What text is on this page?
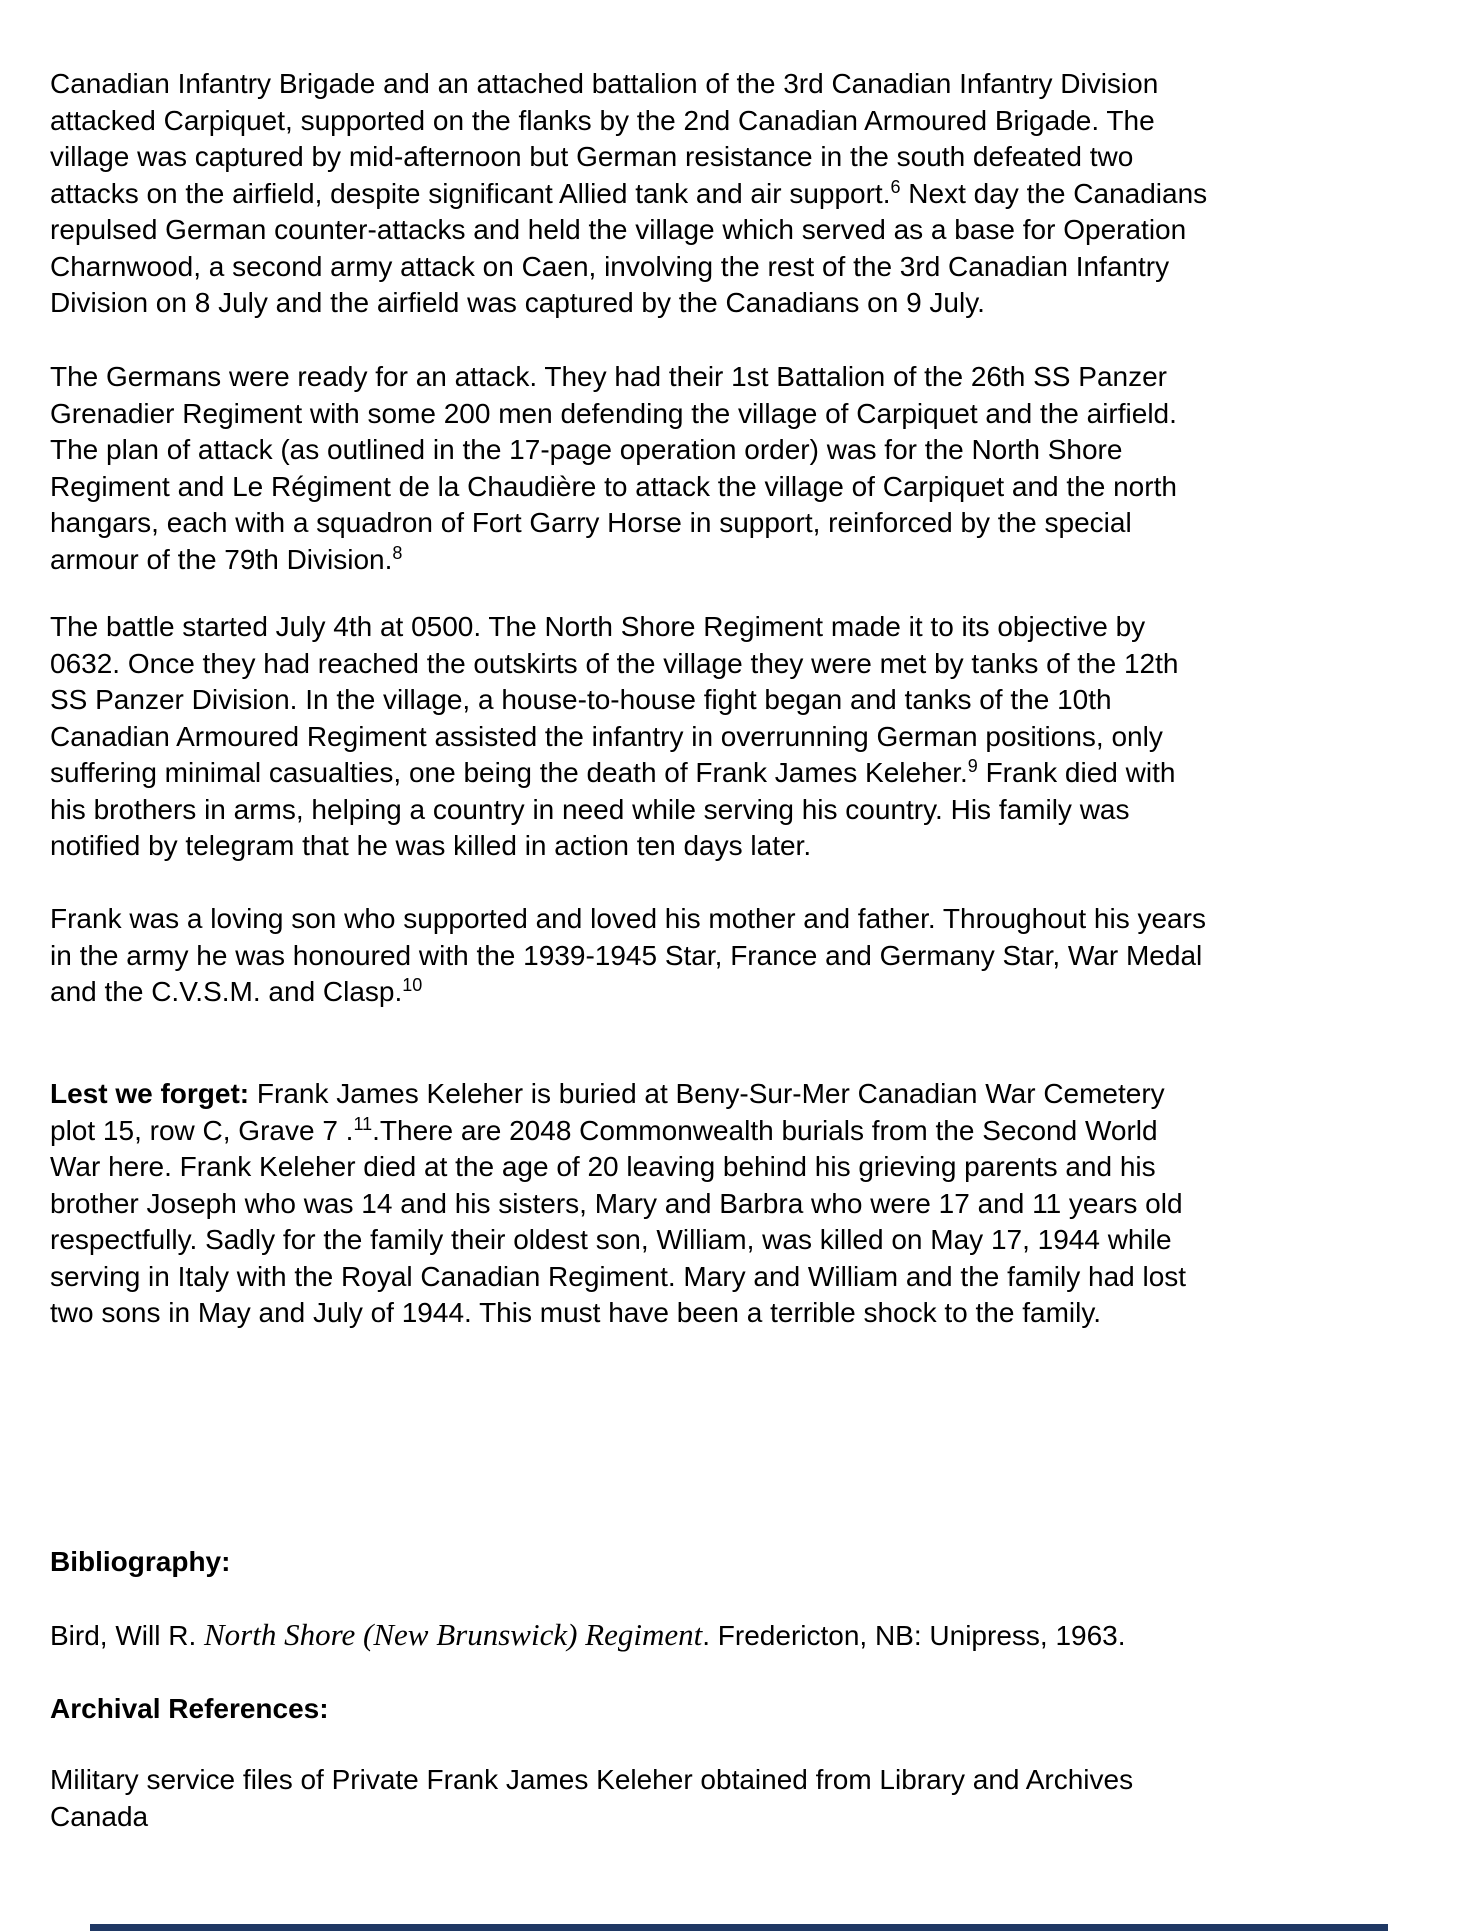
Canadian Infantry Brigade and an attached battalion of the 3rd Canadian Infantry Division
attacked Carpiquet, supported on the flanks by the 2nd Canadian Armoured Brigade. The
village was captured by mid-afternoon but German resistance in the south defeated two
attacks on the airfield, despite significant Allied tank and air support.$^6$ Next day the Canadians
repulsed German counter-attacks and held the village which served as a base for Operation
Charnwood, a second army attack on Caen, involving the rest of the 3rd Canadian Infantry
Division on 8 July and the airfield was captured by the Canadians on 9 July.
The Germans were ready for an attack. They had their 1st Battalion of the 26th SS Panzer
Grenadier Regiment with some 200 men defending the village of Carpiquet and the airfield.
The plan of attack (as outlined in the 17-page operation order) was for the North Shore
Regiment and Le Régiment de la Chaudière to attack the village of Carpiquet and the north
hangars, each with a squadron of Fort Garry Horse in support, reinforced by the special
armour of the 79th Division.$^8$
The battle started July 4th at 0500. The North Shore Regiment made it to its objective by
0632. Once they had reached the outskirts of the village they were met by tanks of the 12th
SS Panzer Division. In the village, a house-to-house fight began and tanks of the 10th
Canadian Armoured Regiment assisted the infantry in overrunning German positions, only
suffering minimal casualties, one being the death of Frank James Keleher.$^9$ Frank died with
his brothers in arms, helping a country in need while serving his country. His family was
notified by telegram that he was killed in action ten days later.
Frank was a loving son who supported and loved his mother and father. Throughout his years
in the army he was honoured with the 1939-1945 Star, France and Germany Star, War Medal
and the C.V.S.M. and Clasp.$^{10}$
Lest we forget: Frank James Keleher is buried at Beny-Sur-Mer Canadian War Cemetery
plot 15, row C, Grave 7 .$^{11}$.There are 2048 Commonwealth burials from the Second World
War here. Frank Keleher died at the age of 20 leaving behind his grieving parents and his
brother Joseph who was 14 and his sisters, Mary and Barbra who were 17 and 11 years old
respectfully. Sadly for the family their oldest son, William, was killed on May 17, 1944 while
serving in Italy with the Royal Canadian Regiment. Mary and William and the family had lost
two sons in May and July of 1944. This must have been a terrible shock to the family.
Bibliography:
Bird, Will R. North Shore (New Brunswick) Regiment. Fredericton, NB: Unipress, 1963.
Archival References:
Military service files of Private Frank James Keleher obtained from Library and Archives
Canada
